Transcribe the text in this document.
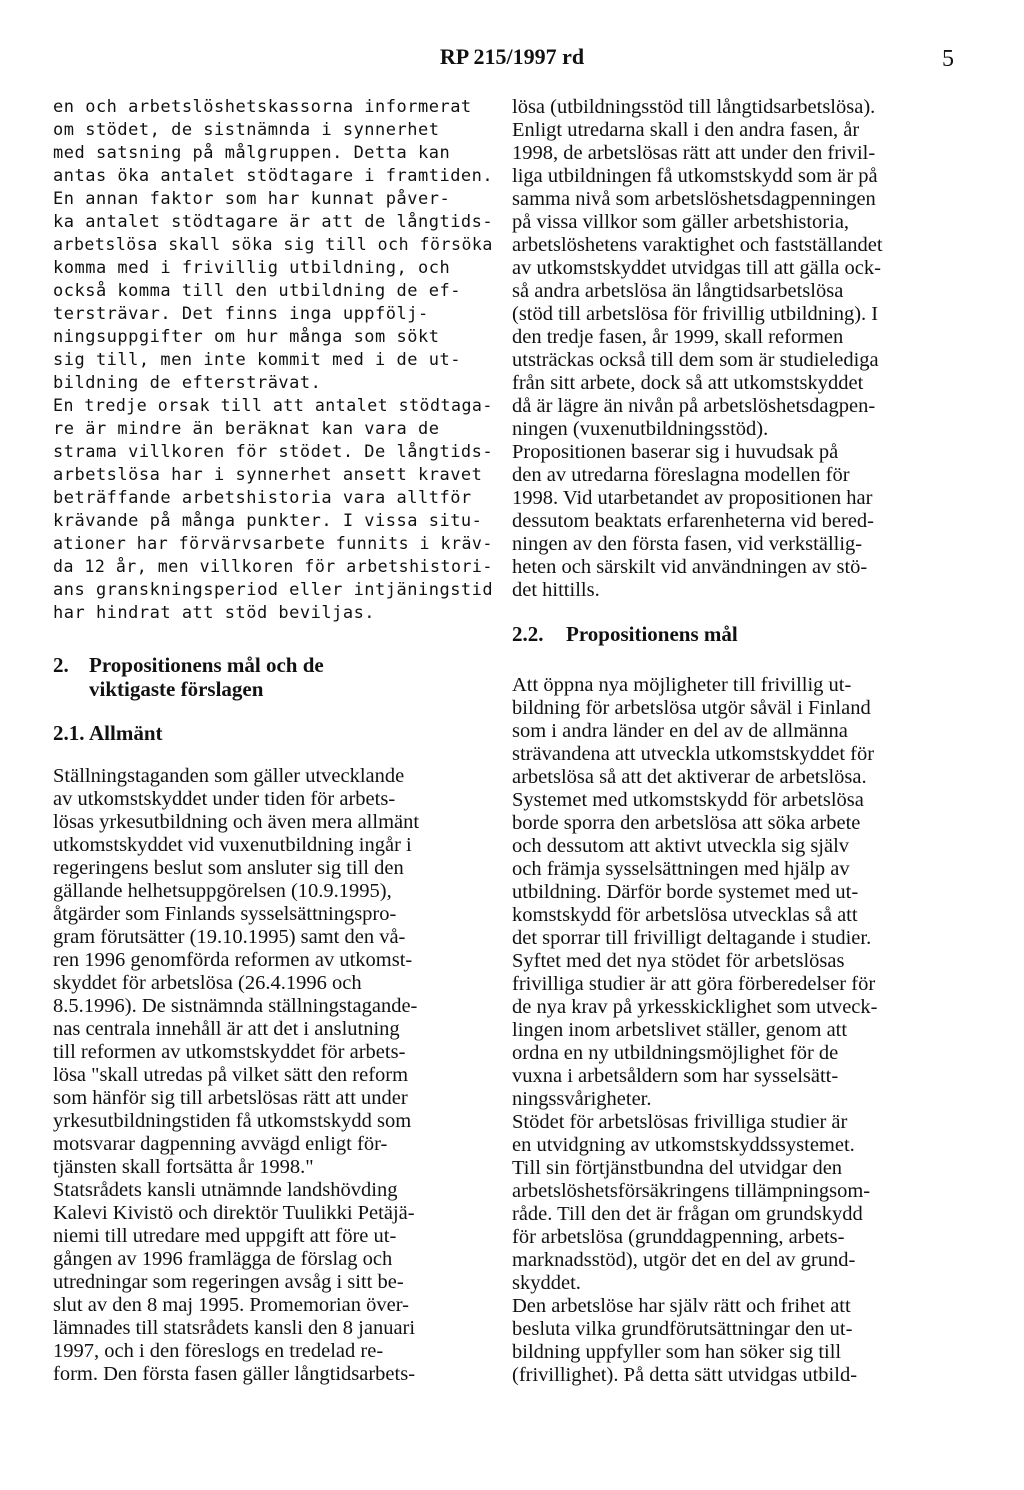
RP 215/1997 rd	5
en och arbetslöshetskassorna informerat
om stödet, de sistnämnda i synnerhet
med satsning på målgruppen. Detta kan
antas öka antalet stödtagare i framtiden.
En annan faktor som har kunnat påver-
ka antalet stödtagare är att de långtids-
arbetslösa skall söka sig till och försöka
komma med i frivillig utbildning, och
också komma till den utbildning de ef-
tersträvar. Det finns inga uppfölj-
ningsuppgifter om hur många som sökt
sig till, men inte kommit med i de ut-
bildning de eftersträvat.
En tredje orsak till att antalet stödtaga-
re är mindre än beräknat kan vara de
strama villkoren för stödet. De långtids-
arbetslösa har i synnerhet ansett kravet
beträffande arbetshistoria vara alltför
krävande på många punkter. I vissa situ-
ationer har förvärvsarbete funnits i kräv-
da 12 år, men villkoren för arbetshistori-
ans granskningsperiod eller intjäningstid
har hindrat att stöd beviljas.
2. Propositionens mål och de
viktigaste förslagen
2.1. Allmänt
Ställningstaganden som gäller utvecklande
av utkomstskyddet under tiden för arbets-
lösas yrkesutbildning och även mera allmänt
utkomstskyddet vid vuxenutbildning ingår i
regeringens beslut som ansluter sig till den
gällande helhetsuppgörelsen (10.9.1995),
åtgärder som Finlands sysselsättningspro-
gram förutsätter (19.10.1995) samt den vå-
ren 1996 genomförda reformen av utkomst-
skyddet för arbetslösa (26.4.1996 och
8.5.1996). De sistnämnda ställningstagande-
nas centrala innehåll är att det i anslutning
till reformen av utkomstskyddet för arbets-
lösa "skall utredas på vilket sätt den reform
som hänför sig till arbetslösas rätt att under
yrkesutbildningstiden få utkomstskydd som
motsvarar dagpenning avvägd enligt för-
tjänsten skall fortsätta år 1998."
Statsrådets kansli utnämnde landshövding
Kalevi Kivistö och direktör Tuulikki Petäjä-
niemi till utredare med uppgift att före ut-
gången av 1996 framlägga de förslag och
utredningar som regeringen avsåg i sitt be-
slut av den 8 maj 1995. Promemorian över-
lämnades till statsrådets kansli den 8 januari
1997, och i den föreslogs en tredelad re-
form. Den första fasen gäller långtidsarbets-
lösa (utbildningsstöd till långtidsarbetslösa).
Enligt utredarna skall i den andra fasen, år
1998, de arbetslösas rätt att under den frivil-
liga utbildningen få utkomstskydd som är på
samma nivå som arbetslöshetsdagpenningen
på vissa villkor som gäller arbetshistoria,
arbetslöshetens varaktighet och fastställandet
av utkomstskyddet utvidgas till att gälla ock-
så andra arbetslösa än långtidsarbetslösa
(stöd till arbetslösa för frivillig utbildning). I
den tredje fasen, år 1999, skall reformen
utsträckas också till dem som är studielediga
från sitt arbete, dock så att utkomstskyddet
då är lägre än nivån på arbetslöshetsdagpen-
ningen (vuxenutbildningsstöd).
Propositionen baserar sig i huvudsak på
den av utredarna föreslagna modellen för
1998. Vid utarbetandet av propositionen har
dessutom beaktats erfarenheterna vid bered-
ningen av den första fasen, vid verkställig-
heten och särskilt vid användningen av stö-
det hittills.
2.2. Propositionens mål
Att öppna nya möjligheter till frivillig ut-
bildning för arbetslösa utgör såväl i Finland
som i andra länder en del av de allmänna
strävandena att utveckla utkomstskyddet för
arbetslösa så att det aktiverar de arbetslösa.
Systemet med utkomstskydd för arbetslösa
borde sporra den arbetslösa att söka arbete
och dessutom att aktivt utveckla sig själv
och främja sysselsättningen med hjälp av
utbildning. Därför borde systemet med ut-
komstskydd för arbetslösa utvecklas så att
det sporrar till frivilligt deltagande i studier.
Syftet med det nya stödet för arbetslösas
frivilliga studier är att göra förberedelser för
de nya krav på yrkesskicklighet som utveck-
lingen inom arbetslivet ställer, genom att
ordna en ny utbildningsmöjlighet för de
vuxna i arbetsåldern som har sysselsätt-
ningssvårigheter.
Stödet för arbetslösas frivilliga studier är
en utvidgning av utkomstskyddssystemet.
Till sin förtjänstbundna del utvidgar den
arbetslöshetsförsäkringens tillämpningsom-
råde. Till den det är frågan om grundskydd
för arbetslösa (grunddagpenning, arbets-
marknadsstöd), utgör det en del av grund-
skyddet.
Den arbetslöse har själv rätt och frihet att
besluta vilka grundförutsättningar den ut-
bildning uppfyller som han söker sig till
(frivillighet). På detta sätt utvidgas utbild-
